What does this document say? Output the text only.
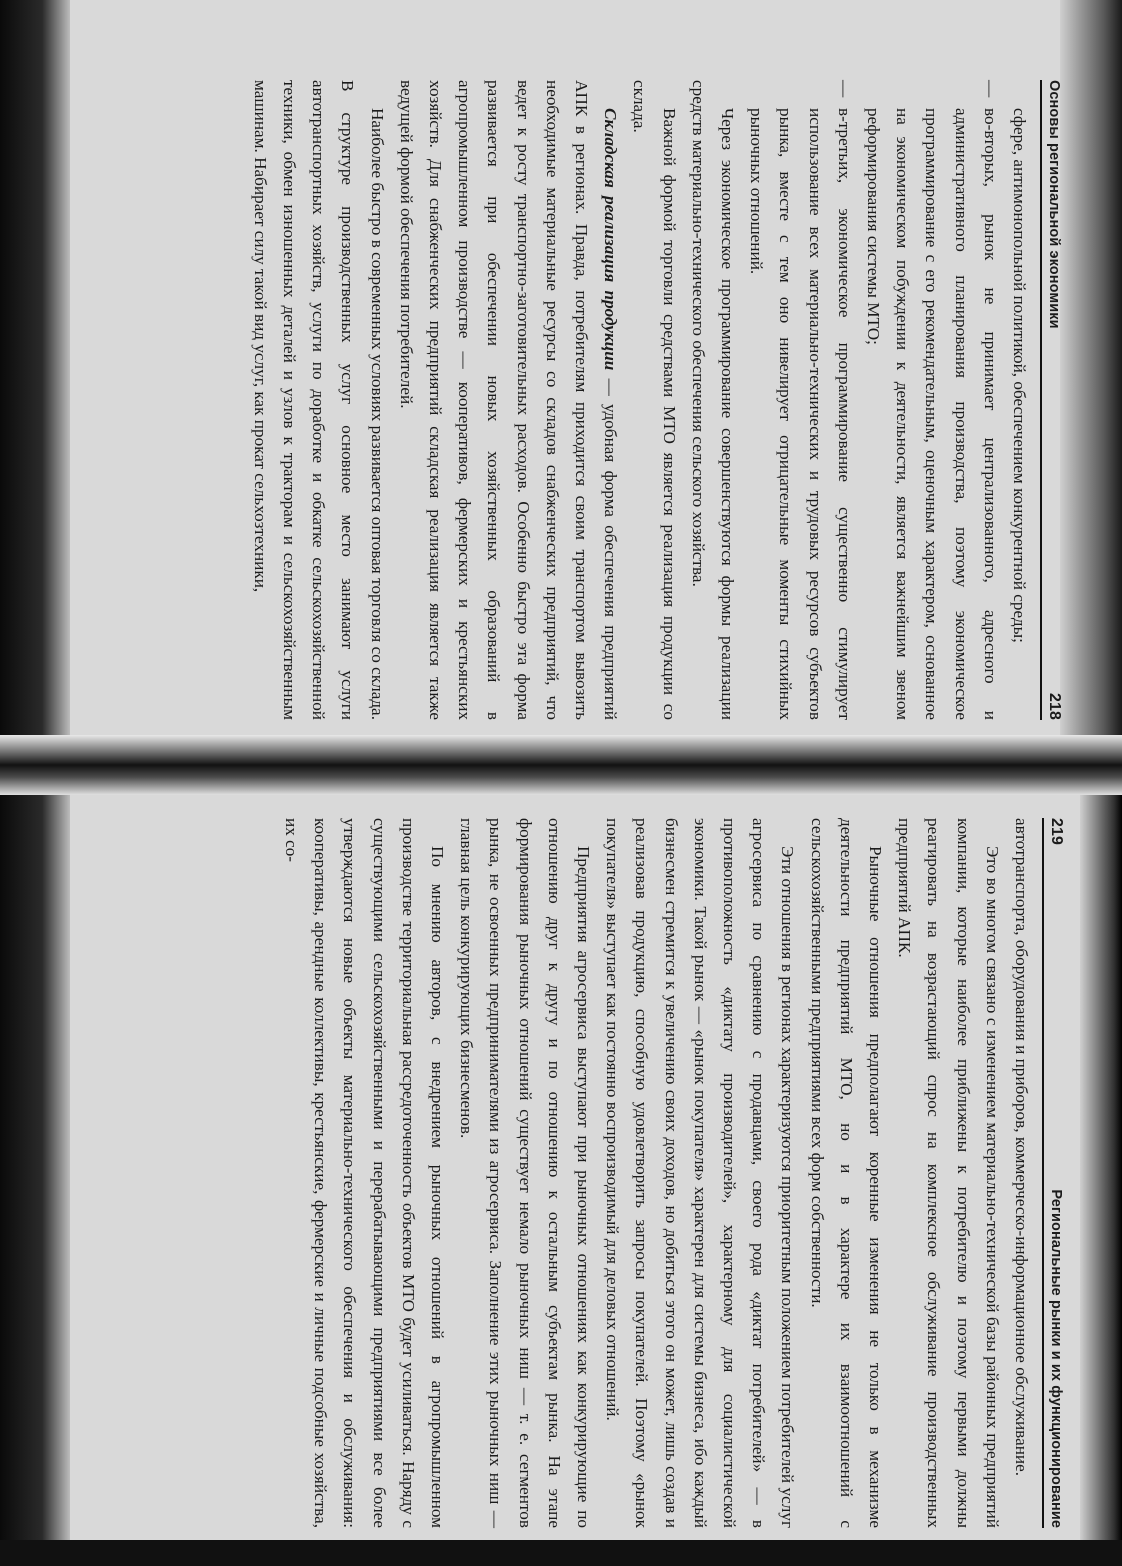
Основы региональной экономики
218

сфере, антимонопольной политикой, обеспечением конкурентной среды;

— во-вторых, рынок не принимает централизованного, адресного и административного планирования производства, поэтому экономическое программирование с его рекомендательным, оценочным характером, основанное на экономическом побуждении к деятельности, является важнейшим звеном реформирования системы МТО;

— в-третьих, экономическое программирование существенно стимулирует использование всех материально-технических и трудовых ресурсов субъектов рынка, вместе с тем оно нивелирует отрицательные моменты стихийных рыночных отношений.

Через экономическое программирование совершенствуются формы реализации средств материально-технического обеспечения сельского хозяйства.

Важной формой торговли средствами МТО является реализация продукции со склада.

Складская реализация продукции — удобная форма обеспечения предприятий АПК в регионах. Правда, потребителям приходится своим транспортом вывозить необходимые материальные ресурсы со складов снабженческих предприятий, что ведет к росту транспортно-заготовительных расходов. Особенно быстро эта форма развивается при обеспечении новых хозяйственных образований в агропромышленном производстве — кооперативов, фермерских и крестьянских хозяйств. Для снабженческих предприятий складская реализация является также ведущей формой обеспечения потребителей.

Наиболее быстро в современных условиях развивается оптовая торговля со склада. В структуре производственных услуг основное место занимают услуги автотранспортных хозяйств, услуги по доработке и обкатке сельскохозяйственной техники, обмен изношенных деталей и узлов к тракторам и сельскохозяйственным машинам. Набирает силу такой вид услуг, как прокат сельхозтехники,

219
Региональные рынки и их функционирование

автотранспорта, оборудования и приборов, коммерческо-информационное обслуживание.

Это во многом связано с изменением материально-технической базы районных предприятий компании, которые наиболее приближены к потребителю и поэтому первыми должны реагировать на возрастающий спрос на комплексное обслуживание производственных предприятий АПК.

Рыночные отношения предполагают коренные изменения не только в механизме деятельности предприятий МТО, но и в характере их взаимоотношений с сельскохозяйственными предприятиями всех форм собственности.

Эти отношения в регионах характеризуются приоритетным положением потребителей услуг агросервиса по сравнению с продавцами, своего рода «диктат потребителей» — в противоположность «диктату производителей», характерному для социалистической экономики. Такой рынок — «рынок покупателя» характерен для системы бизнеса, ибо каждый бизнесмен стремится к увеличению своих доходов, но добиться этого он может, лишь создав и реализовав продукцию, способную удовлетворить запросы покупателей. Поэтому «рынок покупателя» выступает как постоянно воспроизводимый для деловых отношений.

Предприятия агросервиса выступают при рыночных отношениях как конкурирующие по отношению друг к другу и по отношению к остальным субъектам рынка. На этапе формирования рыночных отношений существует немало рыночных ниш — т. е. сегментов рынка, не освоенных предпринимателями из агросервиса. Заполнение этих рыночных ниш — главная цель конкурирующих бизнесменов.

По мнению авторов, с внедрением рыночных отношений в агропромышленном производстве территориальная рассредоточенность объектов МТО будет усиливаться. Наряду с существующими сельскохозяйственными и перерабатывающими предприятиями все более утверждаются новые объекты материально-технического обеспечения и обслуживания: кооперативы, арендные коллективы, крестьянские, фермерские и личные подсобные хозяйства, их со-
